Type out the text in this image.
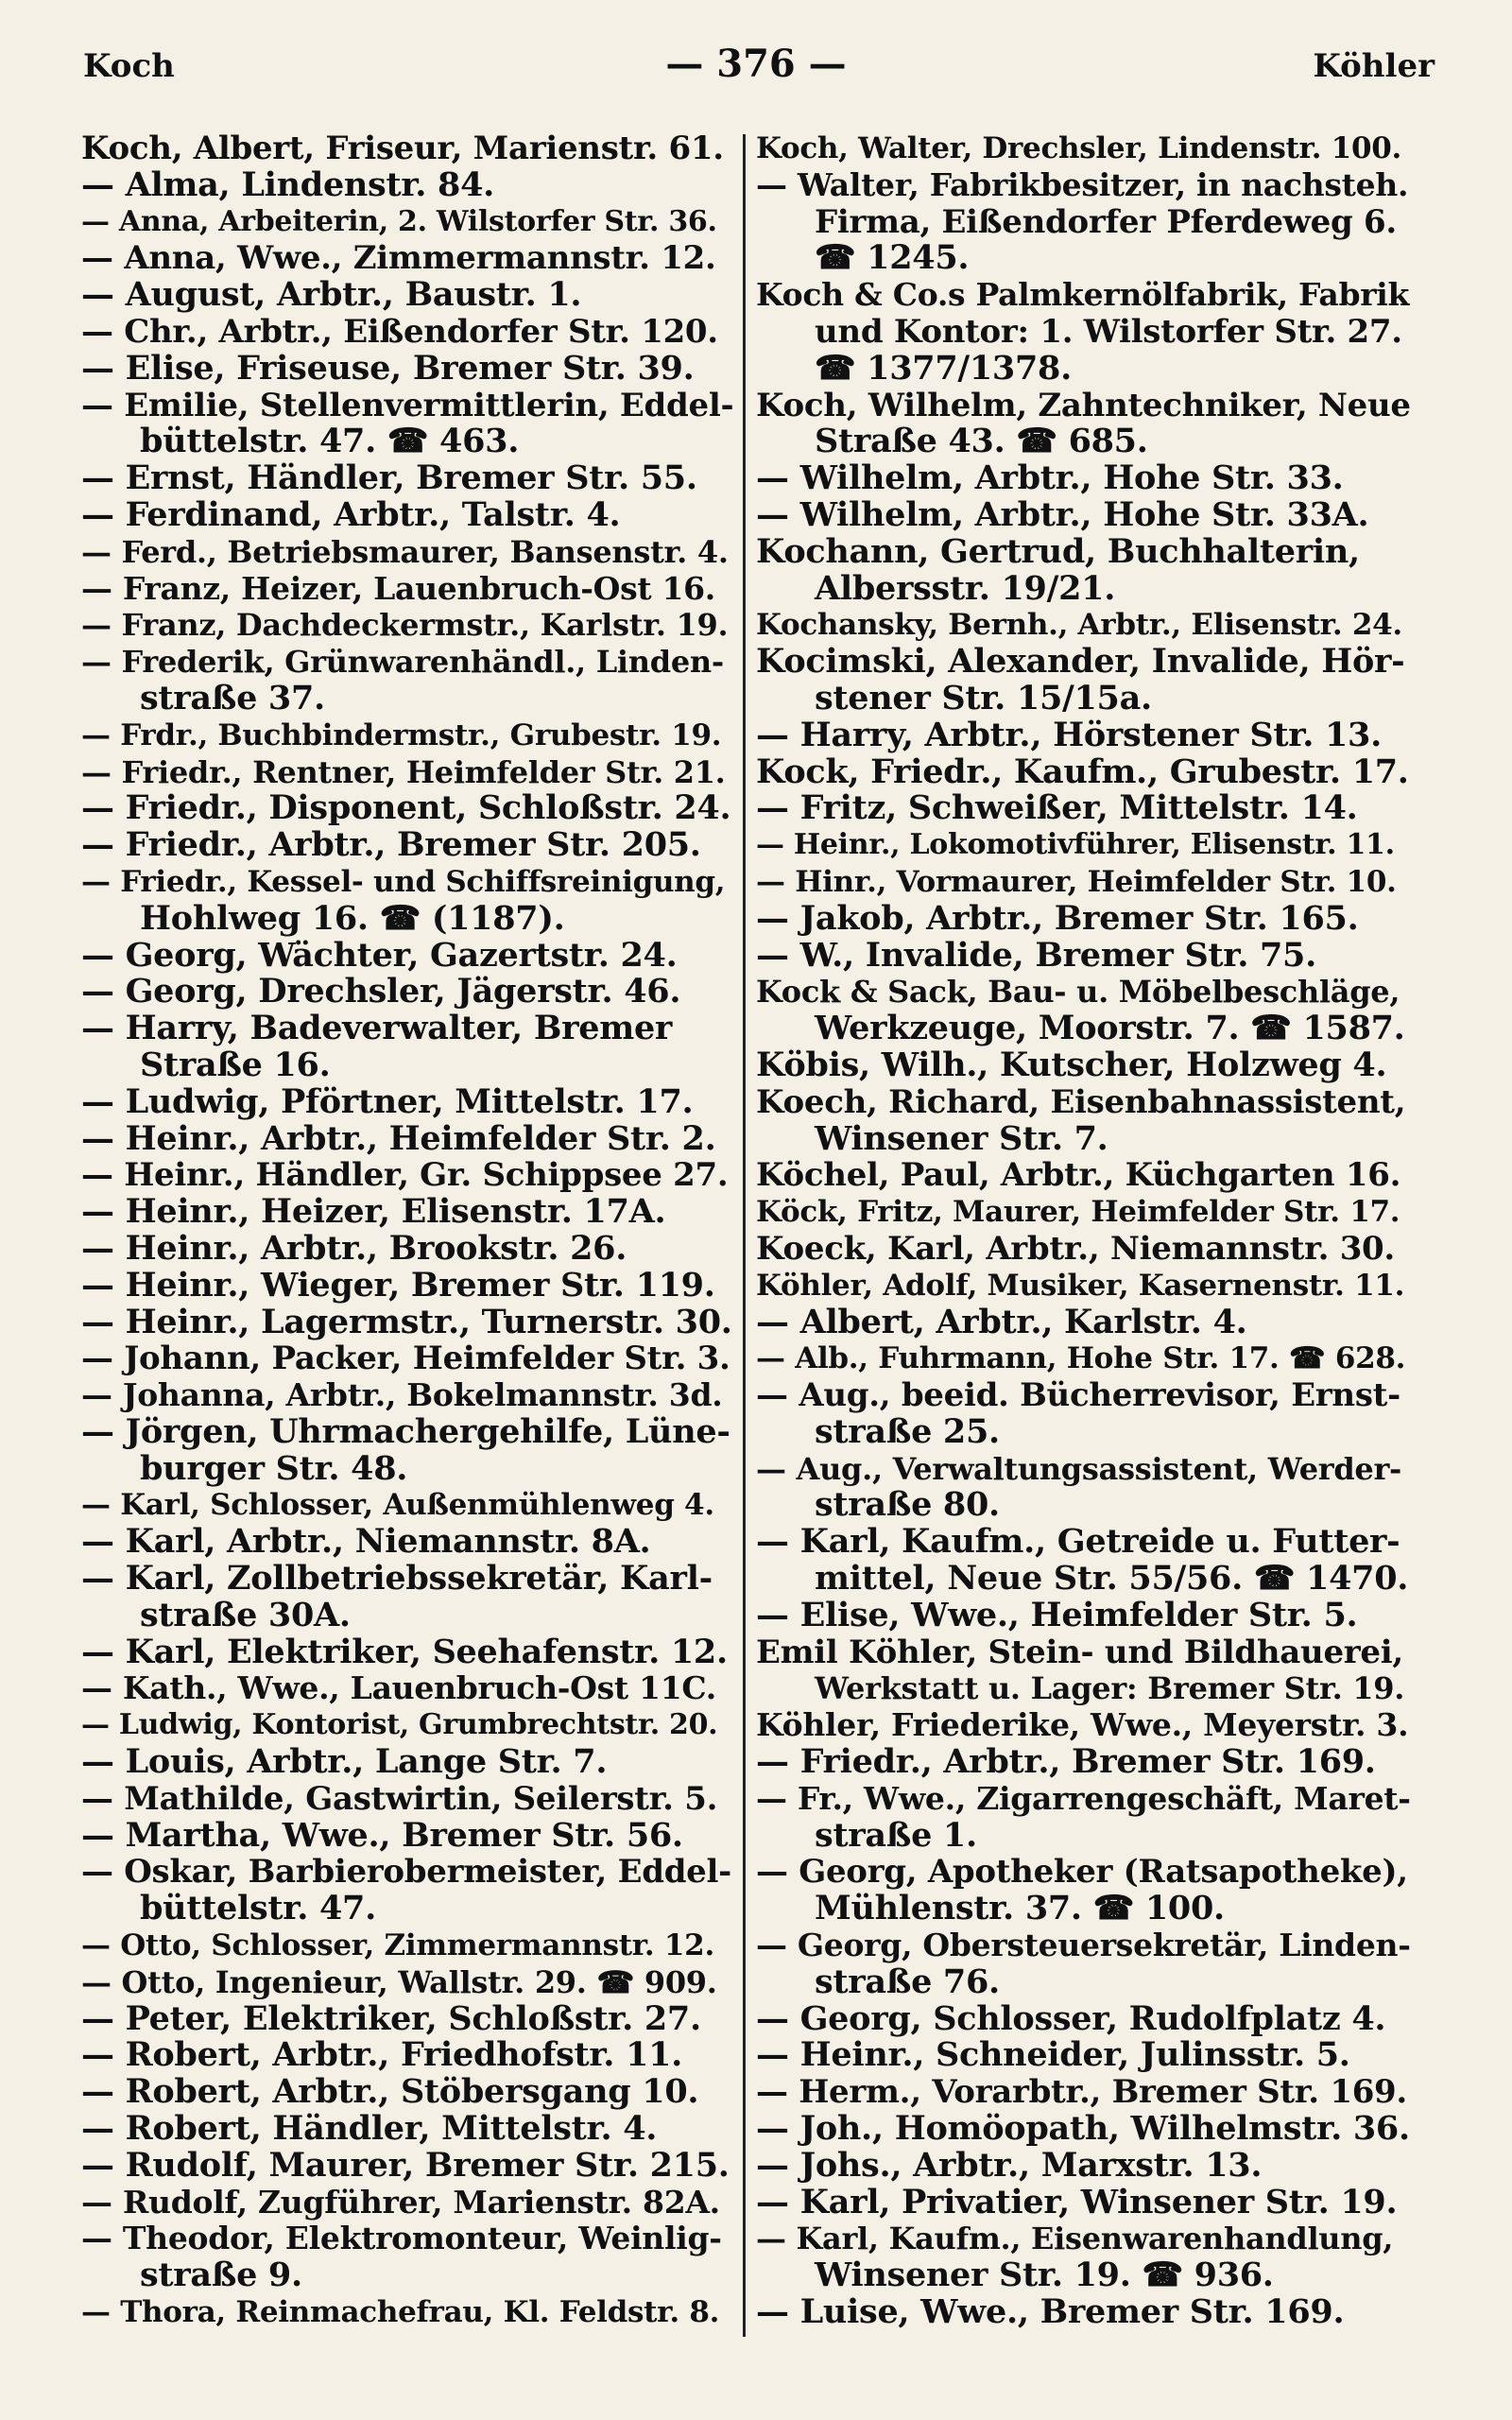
Koch	— 376 —	Köhler
Koch, Albert, Friseur, Marienstr. 61.
— Alma, Lindenstr. 84.
— Anna, Arbeiterin, 2. Wilstorfer Str. 36.
— Anna, Wwe., Zimmermannstr. 12.
— August, Arbtr., Baustr. 1.
— Chr., Arbtr., Eißendorfer Str. 120.
— Elise, Friseuse, Bremer Str. 39.
— Emilie, Stellenvermittlerin, Eddel-
büttelstr. 47. ☎ 463.
— Ernst, Händler, Bremer Str. 55.
— Ferdinand, Arbtr., Talstr. 4.
— Ferd., Betriebsmaurer, Bansenstr. 4.
— Franz, Heizer, Lauenbruch-Ost 16.
— Franz, Dachdeckermstr., Karlstr. 19.
— Frederik, Grünwarenhändl., Linden-
straße 37.
— Frdr., Buchbindermstr., Grubestr. 19.
— Friedr., Rentner, Heimfelder Str. 21.
— Friedr., Disponent, Schloßstr. 24.
— Friedr., Arbtr., Bremer Str. 205.
— Friedr., Kessel- und Schiffsreinigung,
Hohlweg 16. ☎ (1187).
— Georg, Wächter, Gazertstr. 24.
— Georg, Drechsler, Jägerstr. 46.
— Harry, Badeverwalter, Bremer
Straße 16.
— Ludwig, Pförtner, Mittelstr. 17.
— Heinr., Arbtr., Heimfelder Str. 2.
— Heinr., Händler, Gr. Schippsee 27.
— Heinr., Heizer, Elisenstr. 17A.
— Heinr., Arbtr., Brookstr. 26.
— Heinr., Wieger, Bremer Str. 119.
— Heinr., Lagermstr., Turnerstr. 30.
— Johann, Packer, Heimfelder Str. 3.
— Johanna, Arbtr., Bokelmannstr. 3d.
— Jörgen, Uhrmachergehilfe, Lüne-
burger Str. 48.
— Karl, Schlosser, Außenmühlenweg 4.
— Karl, Arbtr., Niemannstr. 8A.
— Karl, Zollbetriebssekretär, Karl-
straße 30A.
— Karl, Elektriker, Seehafenstr. 12.
— Kath., Wwe., Lauenbruch-Ost 11C.
— Ludwig, Kontorist, Grumbrechtstr. 20.
— Louis, Arbtr., Lange Str. 7.
— Mathilde, Gastwirtin, Seilerstr. 5.
— Martha, Wwe., Bremer Str. 56.
— Oskar, Barbierobermeister, Eddel-
büttelstr. 47.
— Otto, Schlosser, Zimmermannstr. 12.
— Otto, Ingenieur, Wallstr. 29. ☎ 909.
— Peter, Elektriker, Schloßstr. 27.
— Robert, Arbtr., Friedhofstr. 11.
— Robert, Arbtr., Stöbersgang 10.
— Robert, Händler, Mittelstr. 4.
— Rudolf, Maurer, Bremer Str. 215.
— Rudolf, Zugführer, Marienstr. 82A.
— Theodor, Elektromonteur, Weinlig-
straße 9.
— Thora, Reinmachefrau, Kl. Feldstr. 8.
Koch, Walter, Drechsler, Lindenstr. 100.
— Walter, Fabrikbesitzer, in nachsteh.
Firma, Eißendorfer Pferdeweg 6.
☎ 1245.
Koch & Co.s Palmkernölfabrik, Fabrik
und Kontor: 1. Wilstorfer Str. 27.
☎ 1377/1378.
Koch, Wilhelm, Zahntechniker, Neue
Straße 43. ☎ 685.
— Wilhelm, Arbtr., Hohe Str. 33.
— Wilhelm, Arbtr., Hohe Str. 33A.
Kochann, Gertrud, Buchhalterin,
Albersstr. 19/21.
Kochansky, Bernh., Arbtr., Elisenstr. 24.
Kocimski, Alexander, Invalide, Hör-
stener Str. 15/15a.
— Harry, Arbtr., Hörstener Str. 13.
Kock, Friedr., Kaufm., Grubestr. 17.
— Fritz, Schweißer, Mittelstr. 14.
— Heinr., Lokomotivführer, Elisenstr. 11.
— Hinr., Vormaurer, Heimfelder Str. 10.
— Jakob, Arbtr., Bremer Str. 165.
— W., Invalide, Bremer Str. 75.
Kock & Sack, Bau- u. Möbelbeschläge,
Werkzeuge, Moorstr. 7. ☎ 1587.
Köbis, Wilh., Kutscher, Holzweg 4.
Koech, Richard, Eisenbahnassistent,
Winsener Str. 7.
Köchel, Paul, Arbtr., Küchgarten 16.
Köck, Fritz, Maurer, Heimfelder Str. 17.
Koeck, Karl, Arbtr., Niemannstr. 30.
Köhler, Adolf, Musiker, Kasernenstr. 11.
— Albert, Arbtr., Karlstr. 4.
— Alb., Fuhrmann, Hohe Str. 17. ☎ 628.
— Aug., beeid. Bücherrevisor, Ernst-
straße 25.
— Aug., Verwaltungsassistent, Werder-
straße 80.
— Karl, Kaufm., Getreide u. Futter-
mittel, Neue Str. 55/56. ☎ 1470.
— Elise, Wwe., Heimfelder Str. 5.
Emil Köhler, Stein- und Bildhauerei,
Werkstatt u. Lager: Bremer Str. 19.
Köhler, Friederike, Wwe., Meyerstr. 3.
— Friedr., Arbtr., Bremer Str. 169.
— Fr., Wwe., Zigarrengeschäft, Maret-
straße 1.
— Georg, Apotheker (Ratsapotheke),
Mühlenstr. 37. ☎ 100.
— Georg, Obersteuersekretär, Linden-
straße 76.
— Georg, Schlosser, Rudolfplatz 4.
— Heinr., Schneider, Julinsstr. 5.
— Herm., Vorarbtr., Bremer Str. 169.
— Joh., Homöopath, Wilhelmstr. 36.
— Johs., Arbtr., Marxstr. 13.
— Karl, Privatier, Winsener Str. 19.
— Karl, Kaufm., Eisenwarenhandlung,
Winsener Str. 19. ☎ 936.
— Luise, Wwe., Bremer Str. 169.
